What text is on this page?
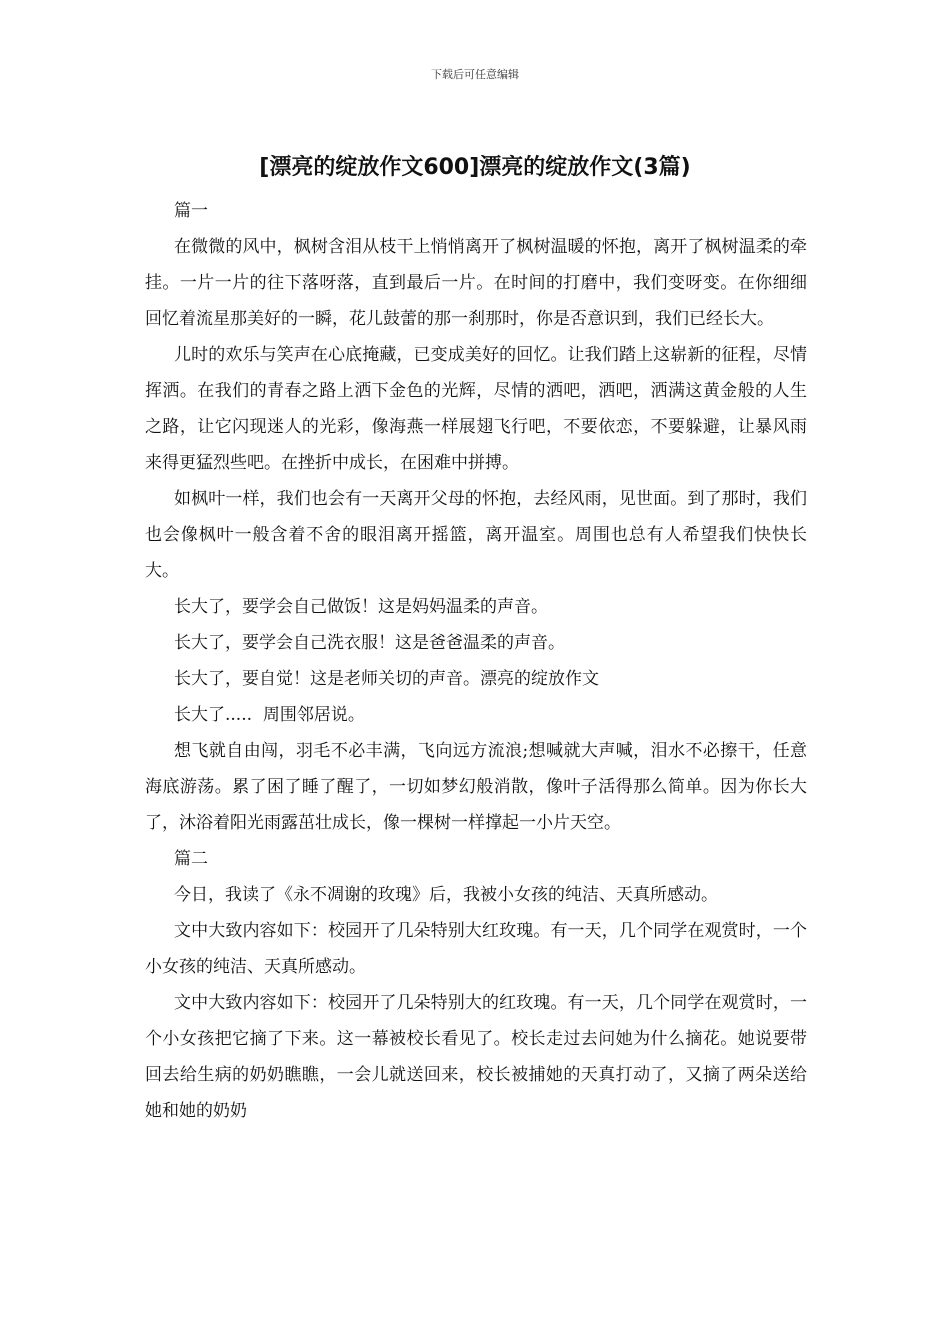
下载后可任意编辑
[漂亮的绽放作文600]漂亮的绽放作文(3篇)

篇一

在微微的风中，枫树含泪从枝干上悄悄离开了枫树温暖的怀抱，离开了枫树温柔的牵挂。一片一片的往下落呀落，直到最后一片。在时间的打磨中，我们变呀变。在你细细回忆着流星那美好的一瞬，花儿鼓蕾的那一刹那时，你是否意识到，我们已经长大。

儿时的欢乐与笑声在心底掩藏，已变成美好的回忆。让我们踏上这崭新的征程，尽情挥洒。在我们的青春之路上洒下金色的光辉，尽情的洒吧，洒吧，洒满这黄金般的人生之路，让它闪现迷人的光彩，像海燕一样展翅飞行吧，不要依恋，不要躲避，让暴风雨来得更猛烈些吧。在挫折中成长，在困难中拼搏。

如枫叶一样，我们也会有一天离开父母的怀抱，去经风雨，见世面。到了那时，我们也会像枫叶一般含着不舍的眼泪离开摇篮，离开温室。周围也总有人希望我们快快长大。

长大了，要学会自己做饭！这是妈妈温柔的声音。

长大了，要学会自己洗衣服！这是爸爸温柔的声音。

长大了，要自觉！这是老师关切的声音。漂亮的绽放作文

长大了.....  周围邻居说。

想飞就自由闯，羽毛不必丰满，飞向远方流浪;想喊就大声喊，泪水不必擦干，任意海底游荡。累了困了睡了醒了，一切如梦幻般消散，像叶子活得那么简单。因为你长大了，沐浴着阳光雨露茁壮成长，像一棵树一样撑起一小片天空。

篇二

今日，我读了《永不凋谢的玫瑰》后，我被小女孩的纯洁、天真所感动。

文中大致内容如下：校园开了几朵特别大红玫瑰。有一天，几个同学在观赏时，一个小女孩的纯洁、天真所感动。

文中大致内容如下：校园开了几朵特别大的红玫瑰。有一天，几个同学在观赏时，一个小女孩把它摘了下来。这一幕被校长看见了。校长走过去问她为什么摘花。她说要带回去给生病的奶奶瞧瞧，一会儿就送回来，校长被捕她的天真打动了，又摘了两朵送给她和她的奶奶
